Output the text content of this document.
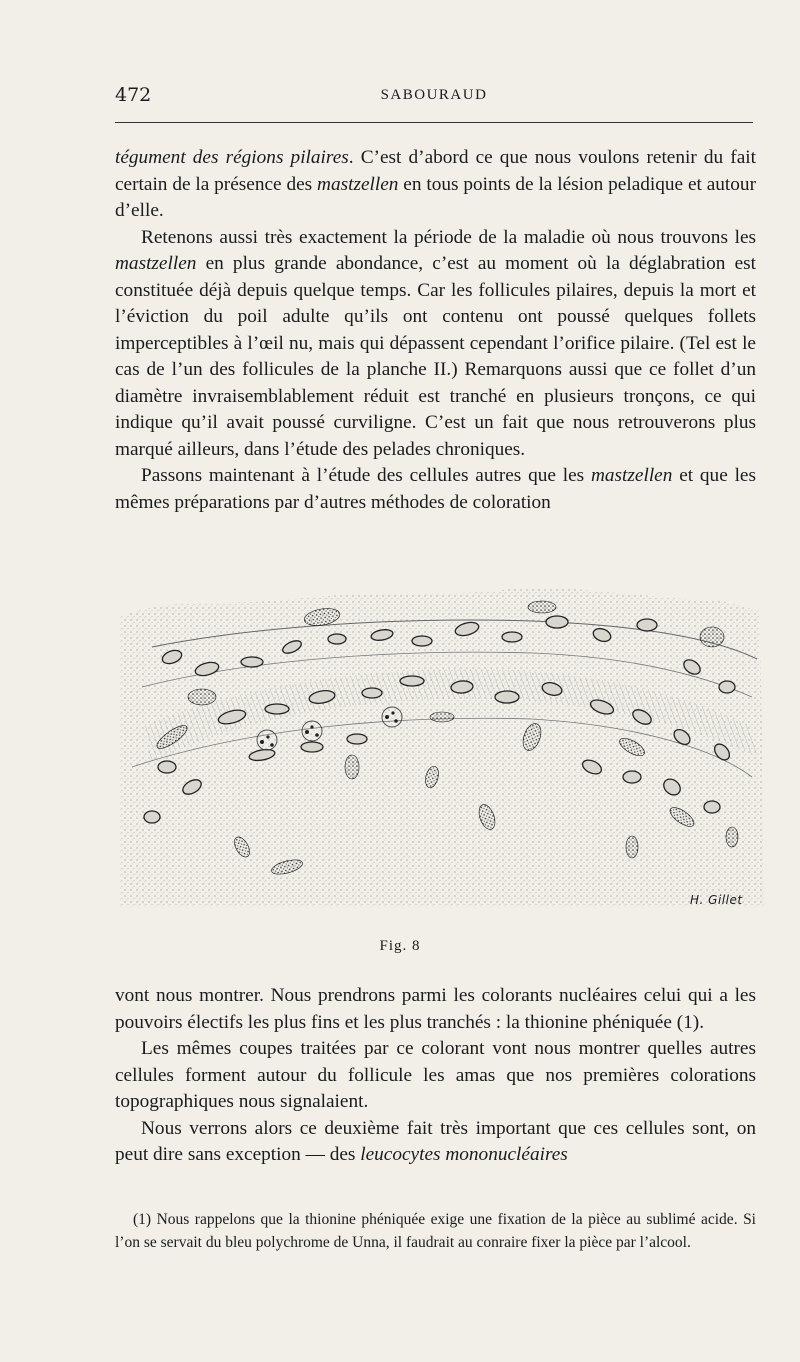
472	SABOURAUD

tégument des régions pilaires. C’est d’abord ce que nous voulons retenir du fait certain de la présence des mastzellen en tous points de la lésion peladique et autour d’elle.

Retenons aussi très exactement la période de la maladie où nous trouvons les mastzellen en plus grande abondance, c’est au moment où la déglabration est constituée déjà depuis quelque temps. Car les follicules pilaires, depuis la mort et l’éviction du poil adulte qu’ils ont contenu ont poussé quelques follets imperceptibles à l’œil nu, mais qui dépassent cependant l’orifice pilaire. (Tel est le cas de l’un des follicules de la planche II.) Remarquons aussi que ce follet d’un diamètre invraisemblablement réduit est tranché en plusieurs tronçons, ce qui indique qu’il avait poussé curviligne. C’est un fait que nous retrouverons plus marqué ailleurs, dans l’étude des pelades chroniques.

Passons maintenant à l’étude des cellules autres que les mastzellen et que les mêmes préparations par d’autres méthodes de coloration

H. Gillet
Fig. 8

vont nous montrer. Nous prendrons parmi les colorants nucléaires celui qui a les pouvoirs électifs les plus fins et les plus tranchés : la thionine phéniquée (1).

Les mêmes coupes traitées par ce colorant vont nous montrer quelles autres cellules forment autour du follicule les amas que nos premières colorations topographiques nous signalaient.

Nous verrons alors ce deuxième fait très important que ces cellules sont, on peut dire sans exception — des leucocytes mononucléaires

(1) Nous rappelons que la thionine phéniquée exige une fixation de la pièce au sublimé acide. Si l’on se servait du bleu polychrome de Unna, il faudrait au conraire fixer la pièce par l’alcool.
